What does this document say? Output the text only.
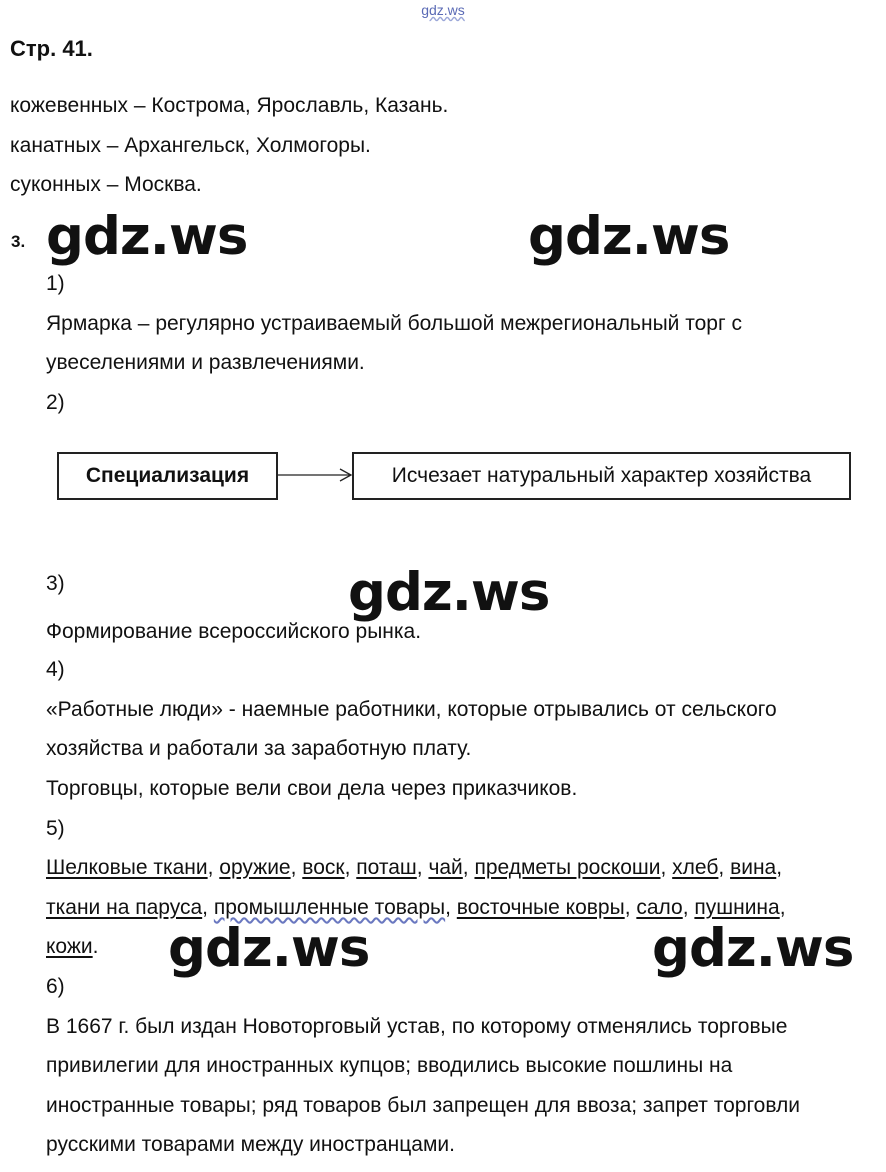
gdz.ws
Стр. 41.
кожевенных – Кострома, Ярославль, Казань.
канатных – Архангельск, Холмогоры.
суконных – Москва.
3. gdz.ws	gdz.ws
1)
Ярмарка – регулярно устраиваемый большой межрегиональный торг с
увеселениями и развлечениями.
2)
Специализация	Исчезает натуральный характер хозяйства
3)	gdz.ws
Формирование всероссийского рынка.
4)
«Работные люди» - наемные работники, которые отрывались от сельского
хозяйства и работали за заработную плату.
Торговцы, которые вели свои дела через приказчиков.
5)
Шелковые ткани, оружие, воск, поташ, чай, предметы роскоши, хлеб, вина,
ткани на паруса, промышленные товары, восточные ковры, сало, пушнина,
кожи. gdz.ws	gdz.ws
6)
В 1667 г. был издан Новоторговый устав, по которому отменялись торговые
привилегии для иностранных купцов; вводились высокие пошлины на
иностранные товары; ряд товаров был запрещен для ввоза; запрет торговли
русскими товарами между иностранцами.
